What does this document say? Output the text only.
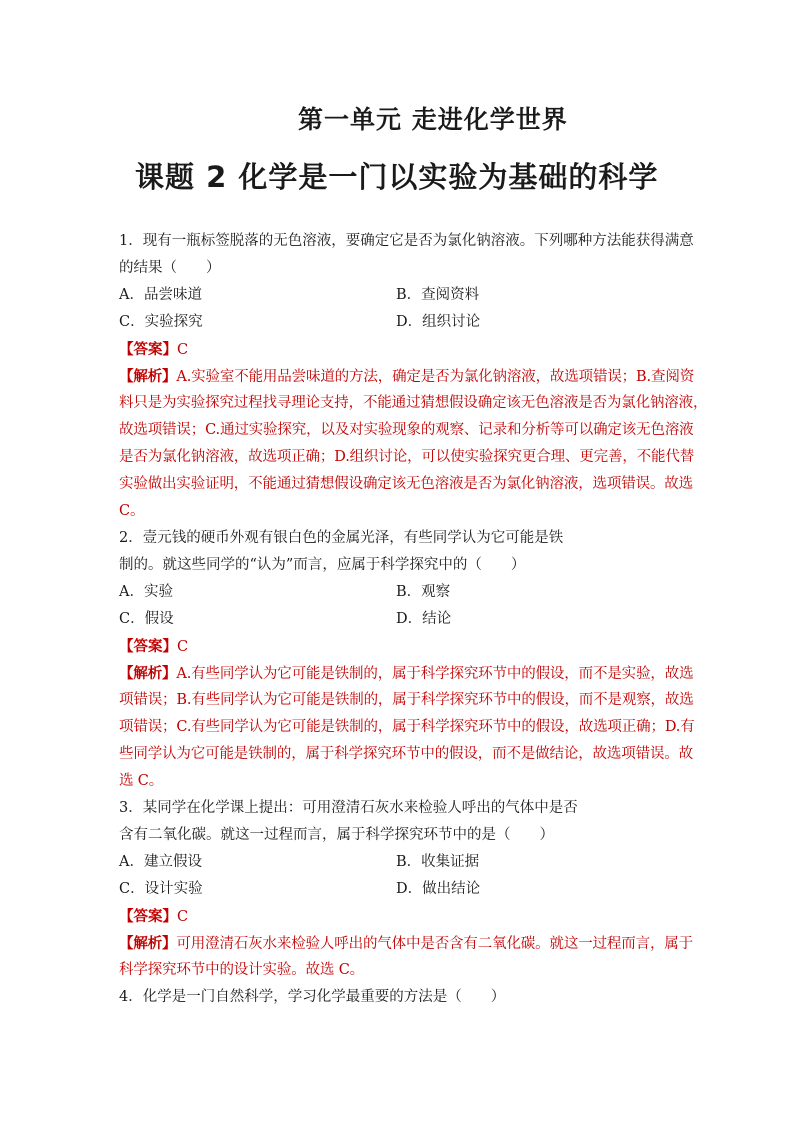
第一单元 走进化学世界
课题 2 化学是一门以实验为基础的科学
1．现有一瓶标签脱落的无色溶液，要确定它是否为氯化钠溶液。下列哪种方法能获得满意
的结果（　　）
A．品尝味道	B．查阅资料
C．实验探究	D．组织讨论
【答案】C
【解析】A.实验室不能用品尝味道的方法，确定是否为氯化钠溶液，故选项错误；B.查阅资
料只是为实验探究过程找寻理论支持，不能通过猜想假设确定该无色溶液是否为氯化钠溶液，
故选项错误；C.通过实验探究，以及对实验现象的观察、记录和分析等可以确定该无色溶液
是否为氯化钠溶液，故选项正确；D.组织讨论，可以使实验探究更合理、更完善，不能代替
实验做出实验证明，不能通过猜想假设确定该无色溶液是否为氯化钠溶液，选项错误。故选
C。
2．壹元钱的硬币外观有银白色的金属光泽，有些同学认为它可能是铁
制的。就这些同学的“认为”而言，应属于科学探究中的（　　）
A．实验	B．观察
C．假设	D．结论
【答案】C
【解析】A.有些同学认为它可能是铁制的，属于科学探究环节中的假设，而不是实验，故选
项错误；B.有些同学认为它可能是铁制的，属于科学探究环节中的假设，而不是观察，故选
项错误；C.有些同学认为它可能是铁制的，属于科学探究环节中的假设，故选项正确；D.有
些同学认为它可能是铁制的，属于科学探究环节中的假设，而不是做结论，故选项错误。故
选 C。
3．某同学在化学课上提出：可用澄清石灰水来检验人呼出的气体中是否
含有二氧化碳。就这一过程而言，属于科学探究环节中的是（　　）
A．建立假设	B．收集证据
C．设计实验	D．做出结论
【答案】C
【解析】可用澄清石灰水来检验人呼出的气体中是否含有二氧化碳。就这一过程而言，属于
科学探究环节中的设计实验。故选 C。
4．化学是一门自然科学，学习化学最重要的方法是（　　）
